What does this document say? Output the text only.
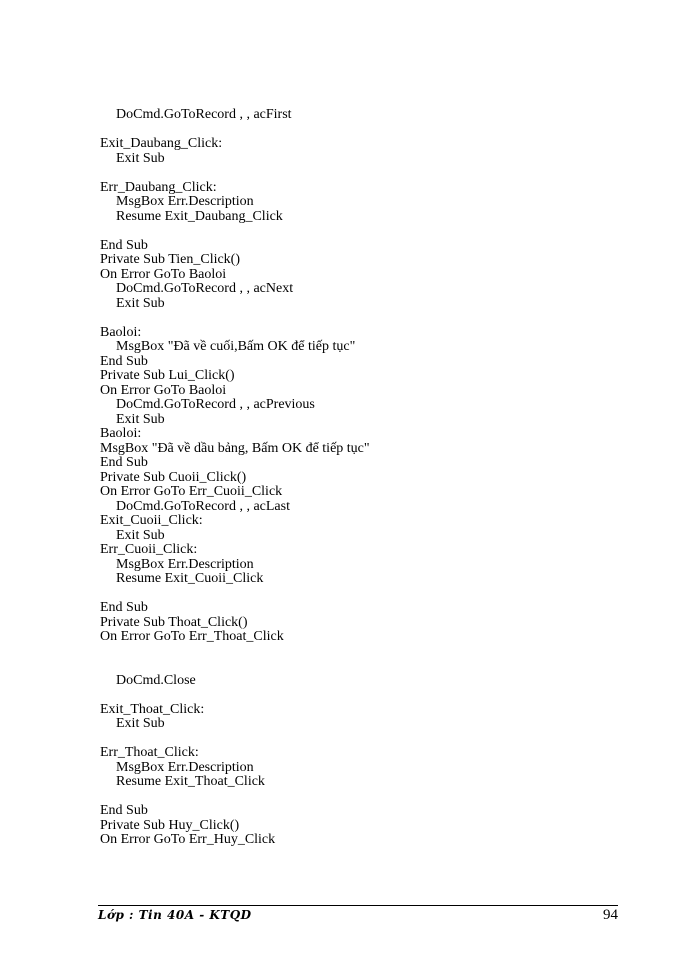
DoCmd.GoToRecord , , acFirst
Exit_Daubang_Click:
Exit Sub
Err_Daubang_Click:
MsgBox Err.Description
Resume Exit_Daubang_Click
End Sub
Private Sub Tien_Click()
On Error GoTo Baoloi
DoCmd.GoToRecord , , acNext
Exit Sub
Baoloi:
MsgBox "Đã về cuối,Bấm OK để tiếp tục"
End Sub
Private Sub Lui_Click()
On Error GoTo Baoloi
DoCmd.GoToRecord , , acPrevious
Exit Sub
Baoloi:
MsgBox "Đã về dầu bảng, Bấm OK để tiếp tục"
End Sub
Private Sub Cuoii_Click()
On Error GoTo Err_Cuoii_Click
DoCmd.GoToRecord , , acLast
Exit_Cuoii_Click:
Exit Sub
Err_Cuoii_Click:
MsgBox Err.Description
Resume Exit_Cuoii_Click
End Sub
Private Sub Thoat_Click()
On Error GoTo Err_Thoat_Click
DoCmd.Close
Exit_Thoat_Click:
Exit Sub
Err_Thoat_Click:
MsgBox Err.Description
Resume Exit_Thoat_Click
End Sub
Private Sub Huy_Click()
On Error GoTo Err_Huy_Click
Lớp : Tin 40A - KTQD	94
